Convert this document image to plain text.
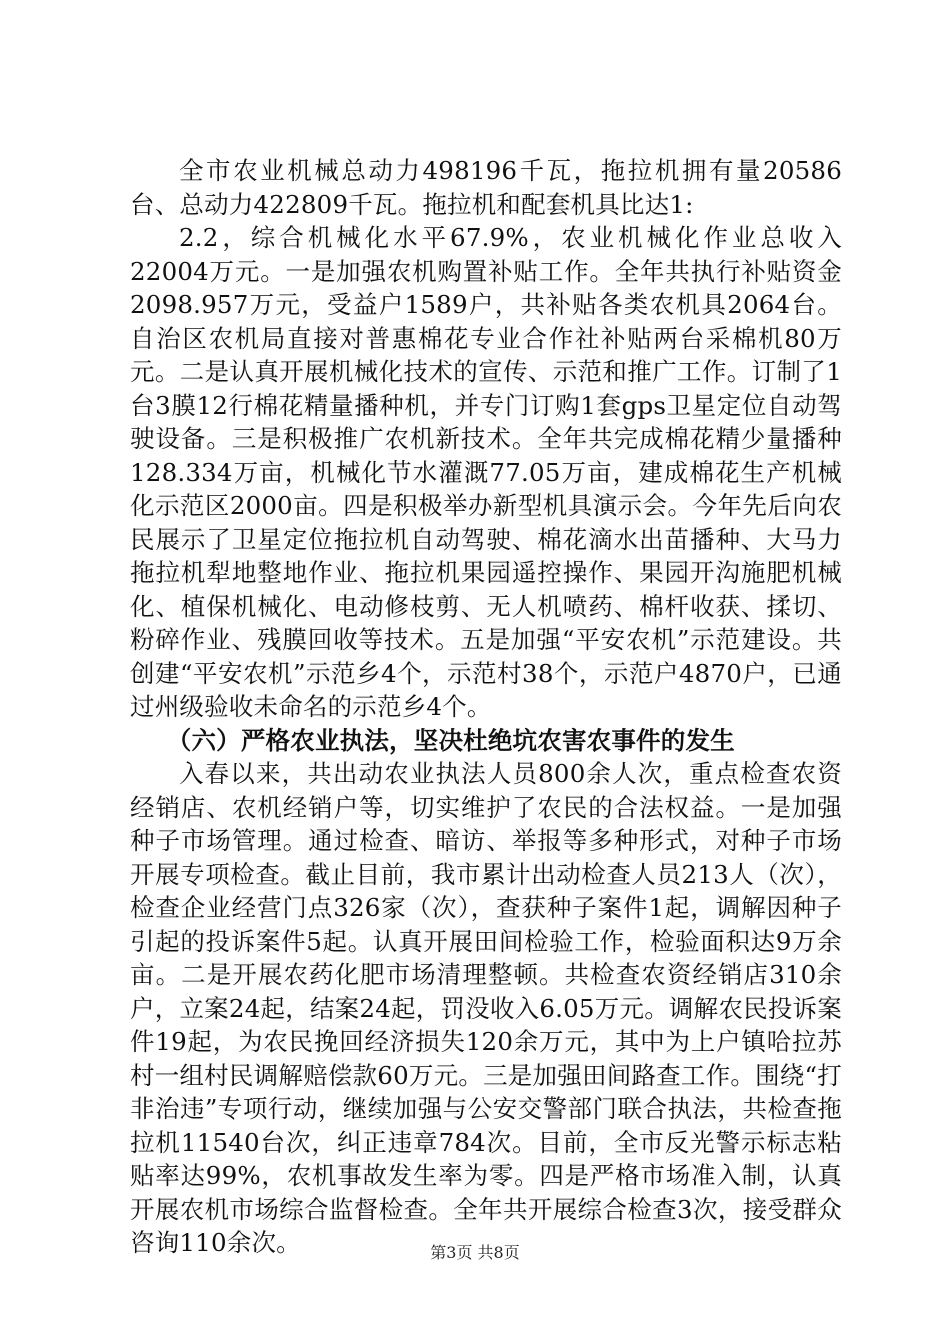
全市农业机械总动力498196千瓦，拖拉机拥有量20586台、总动力422809千瓦。拖拉机和配套机具比达1:

2.2，综合机械化水平67.9%，农业机械化作业总收入22004万元。一是加强农机购置补贴工作。全年共执行补贴资金2098.957万元，受益户1589户，共补贴各类农机具2064台。自治区农机局直接对普惠棉花专业合作社补贴两台采棉机80万元。二是认真开展机械化技术的宣传、示范和推广工作。订制了1台3膜12行棉花精量播种机，并专门订购1套gps卫星定位自动驾驶设备。三是积极推广农机新技术。全年共完成棉花精少量播种128.334万亩，机械化节水灌溉77.05万亩，建成棉花生产机械化示范区2000亩。四是积极举办新型机具演示会。今年先后向农民展示了卫星定位拖拉机自动驾驶、棉花滴水出苗播种、大马力拖拉机犁地整地作业、拖拉机果园遥控操作、果园开沟施肥机械化、植保机械化、电动修枝剪、无人机喷药、棉杆收获、揉切、粉碎作业、残膜回收等技术。五是加强“平安农机”示范建设。共创建“平安农机”示范乡4个，示范村38个，示范户4870户，已通过州级验收未命名的示范乡4个。

（六）严格农业执法，坚决杜绝坑农害农事件的发生

入春以来，共出动农业执法人员800余人次，重点检查农资经销店、农机经销户等，切实维护了农民的合法权益。一是加强种子市场管理。通过检查、暗访、举报等多种形式，对种子市场开展专项检查。截止目前，我市累计出动检查人员213人（次），检查企业经营门点326家（次），查获种子案件1起，调解因种子引起的投诉案件5起。认真开展田间检验工作，检验面积达9万余亩。二是开展农药化肥市场清理整顿。共检查农资经销店310余户，立案24起，结案24起，罚没收入6.05万元。调解农民投诉案件19起，为农民挽回经济损失120余万元，其中为上户镇哈拉苏村一组村民调解赔偿款60万元。三是加强田间路查工作。围绕“打非治违”专项行动，继续加强与公安交警部门联合执法，共检查拖拉机11540台次，纠正违章784次。目前，全市反光警示标志粘贴率达99%，农机事故发生率为零。四是严格市场准入制，认真开展农机市场综合监督检查。全年共开展综合检查3次，接受群众咨询110余次。	第3页 共8页
